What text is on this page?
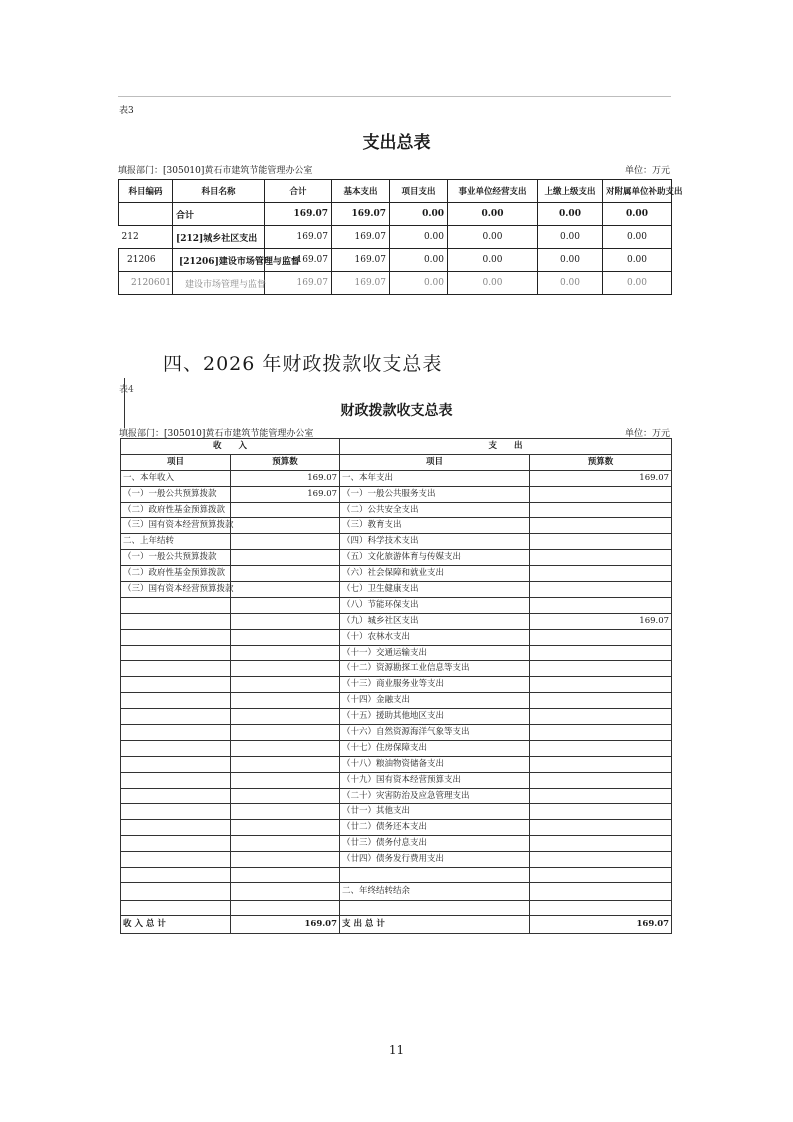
表3
支出总表
填报部门：[305010]黄石市建筑节能管理办公室	单位：万元
科目编码	科目名称	合计	基本支出	项目支出	事业单位经营支出	上缴上级支出	对附属单位补助支出
	合计	169.07	169.07	0.00	0.00	0.00	0.00
212	[212]城乡社区支出	169.07	169.07	0.00	0.00	0.00	0.00
21206	[21206]建设市场管理与监督	169.07	169.07	0.00	0.00	0.00	0.00
2120601	建设市场管理与监督	169.07	169.07	0.00	0.00	0.00	0.00
四、2026 年财政拨款收支总表
表4
财政拨款收支总表
填报部门：[305010]黄石市建筑节能管理办公室	单位：万元
收　　入		支　　出	
项目	预算数	项目	预算数
一、本年收入	169.07	一、本年支出	169.07
（一）一般公共预算拨款	169.07	（一）一般公共服务支出	
（二）政府性基金预算拨款		（二）公共安全支出	
（三）国有资本经营预算拨款		（三）教育支出	
二、上年结转		（四）科学技术支出	
（一）一般公共预算拨款		（五）文化旅游体育与传媒支出	
（二）政府性基金预算拨款		（六）社会保障和就业支出	
（三）国有资本经营预算拨款		（七）卫生健康支出	
		（八）节能环保支出	
		（九）城乡社区支出	169.07
		（十）农林水支出	
		（十一）交通运输支出	
		（十二）资源勘探工业信息等支出	
		（十三）商业服务业等支出	
		（十四）金融支出	
		（十五）援助其他地区支出	
		（十六）自然资源海洋气象等支出	
		（十七）住房保障支出	
		（十八）粮油物资储备支出	
		（十九）国有资本经营预算支出	
		（二十）灾害防治及应急管理支出	
		（廿一）其他支出	
		（廿二）债务还本支出	
		（廿三）债务付息支出	
		（廿四）债务发行费用支出	

		二、年终结转结余	

收 入 总 计	169.07	支 出 总 计	169.07
11
